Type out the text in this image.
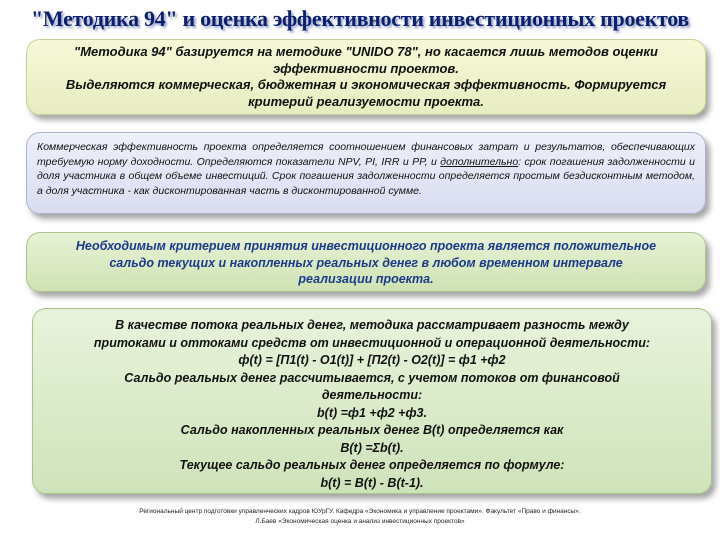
"Методика 94" и оценка эффективности инвестиционных проектов

"Методика 94" базируется на методике "UNIDO 78", но касается лишь методов оценки
эффективности проектов.
Выделяются коммерческая, бюджетная и экономическая эффективность. Формируется
критерий реализуемости проекта.

Коммерческая эффективность проекта определяется соотношением финансовых затрат и результатов, обеспечивающих требуемую норму доходности. Определяются показатели NPV, PI, IRR и PP, и дополнительно: срок погашения задолженности и доля участника в общем объеме инвестиций. Срок погашения задолженности определяется простым бездисконтным методом, а доля участника - как дисконтированная часть в дисконтированной сумме.

Необходимым критерием принятия инвестиционного проекта является положительное
сальдо текущих и накопленных реальных денег в любом временном интервале
реализации проекта.

В качестве потока реальных денег, методика рассматривает разность между
притоками и оттоками средств от инвестиционной и операционной деятельности:
ф(t) = [П1(t) - О1(t)] + [П2(t) - О2(t)] = ф1 +ф2
Сальдо реальных денег рассчитывается, с учетом потоков от финансовой
деятельности:
b(t) =ф1 +ф2 +ф3.
Сальдо накопленных реальных денег B(t) определяется как
B(t) =Σb(t).
Текущее сальдо реальных денег определяется по формуле:
b(t) = B(t) - B(t-1).

Региональный центр подготовки управленческих кадров ЮУрГУ. Кафедра «Экономика и управление проектами». Факультет «Право и финансы».
Л.Баев «Экономическая оценка и анализ инвестиционных проектов»
